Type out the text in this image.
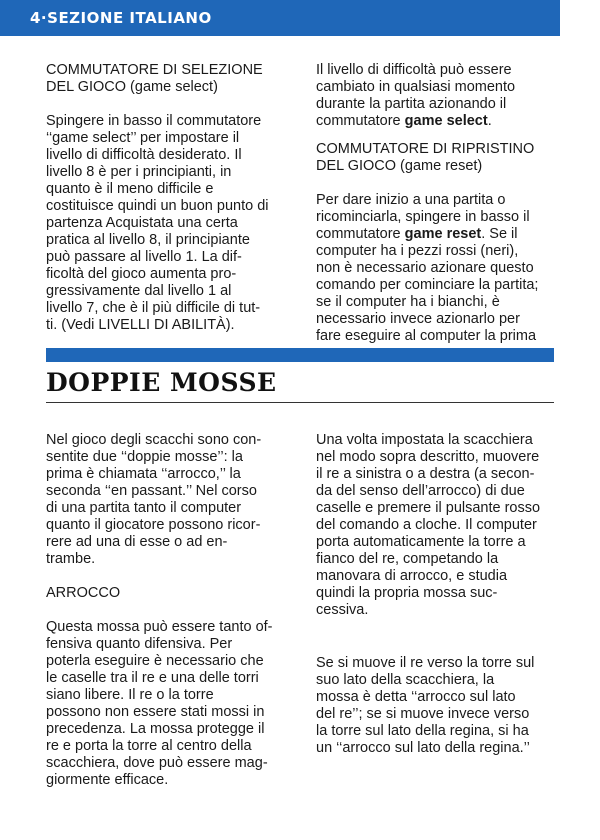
4·SEZIONE ITALIANO
COMMUTATORE DI SELEZIONE
DEL GIOCO (game select)
Spingere in basso il commutatore
‘‘game select’’ per impostare il
livello di difficoltà desiderato. Il
livello 8 è per i principianti, in
quanto è il meno difficile e
costituisce quindi un buon punto di
partenza Acquistata una certa
pratica al livello 8, il principiante
può passare al livello 1. La dif-
ficoltà del gioco aumenta pro-
gressivamente dal livello 1 al
livello 7, che è il più difficile di tut-
ti. (Vedi LIVELLI DI ABILITÀ).
Il livello di difficoltà può essere
cambiato in qualsiasi momento
durante la partita azionando il
commutatore game select.
COMMUTATORE DI RIPRISTINO
DEL GIOCO (game reset)
Per dare inizio a una partita o
ricominciarla, spingere in basso il
commutatore game reset. Se il
computer ha i pezzi rossi (neri),
non è necessario azionare questo
comando per cominciare la partita;
se il computer ha i bianchi, è
necessario invece azionarlo per
fare eseguire al computer la prima
DOPPIE MOSSE
Nel gioco degli scacchi sono con-
sentite due ‘‘doppie mosse’’: la
prima è chiamata ‘‘arrocco,’’ la
seconda ‘‘en passant.’’ Nel corso
di una partita tanto il computer
quanto il giocatore possono ricor-
rere ad una di esse o ad en-
trambe.
ARROCCO
Questa mossa può essere tanto of-
fensiva quanto difensiva. Per
poterla eseguire è necessario che
le caselle tra il re e una delle torri
siano libere. Il re o la torre
possono non essere stati mossi in
precedenza. La mossa protegge il
re e porta la torre al centro della
scacchiera, dove può essere mag-
giormente efficace.
Una volta impostata la scacchiera
nel modo sopra descritto, muovere
il re a sinistra o a destra (a secon-
da del senso dell’arrocco) di due
caselle e premere il pulsante rosso
del comando a cloche. Il computer
porta automaticamente la torre a
fianco del re, competando la
manovara di arrocco, e studia
quindi la propria mossa suc-
cessiva.
Se si muove il re verso la torre sul
suo lato della scacchiera, la
mossa è detta ‘‘arrocco sul lato
del re’’; se si muove invece verso
la torre sul lato della regina, si ha
un ‘‘arrocco sul lato della regina.’’
